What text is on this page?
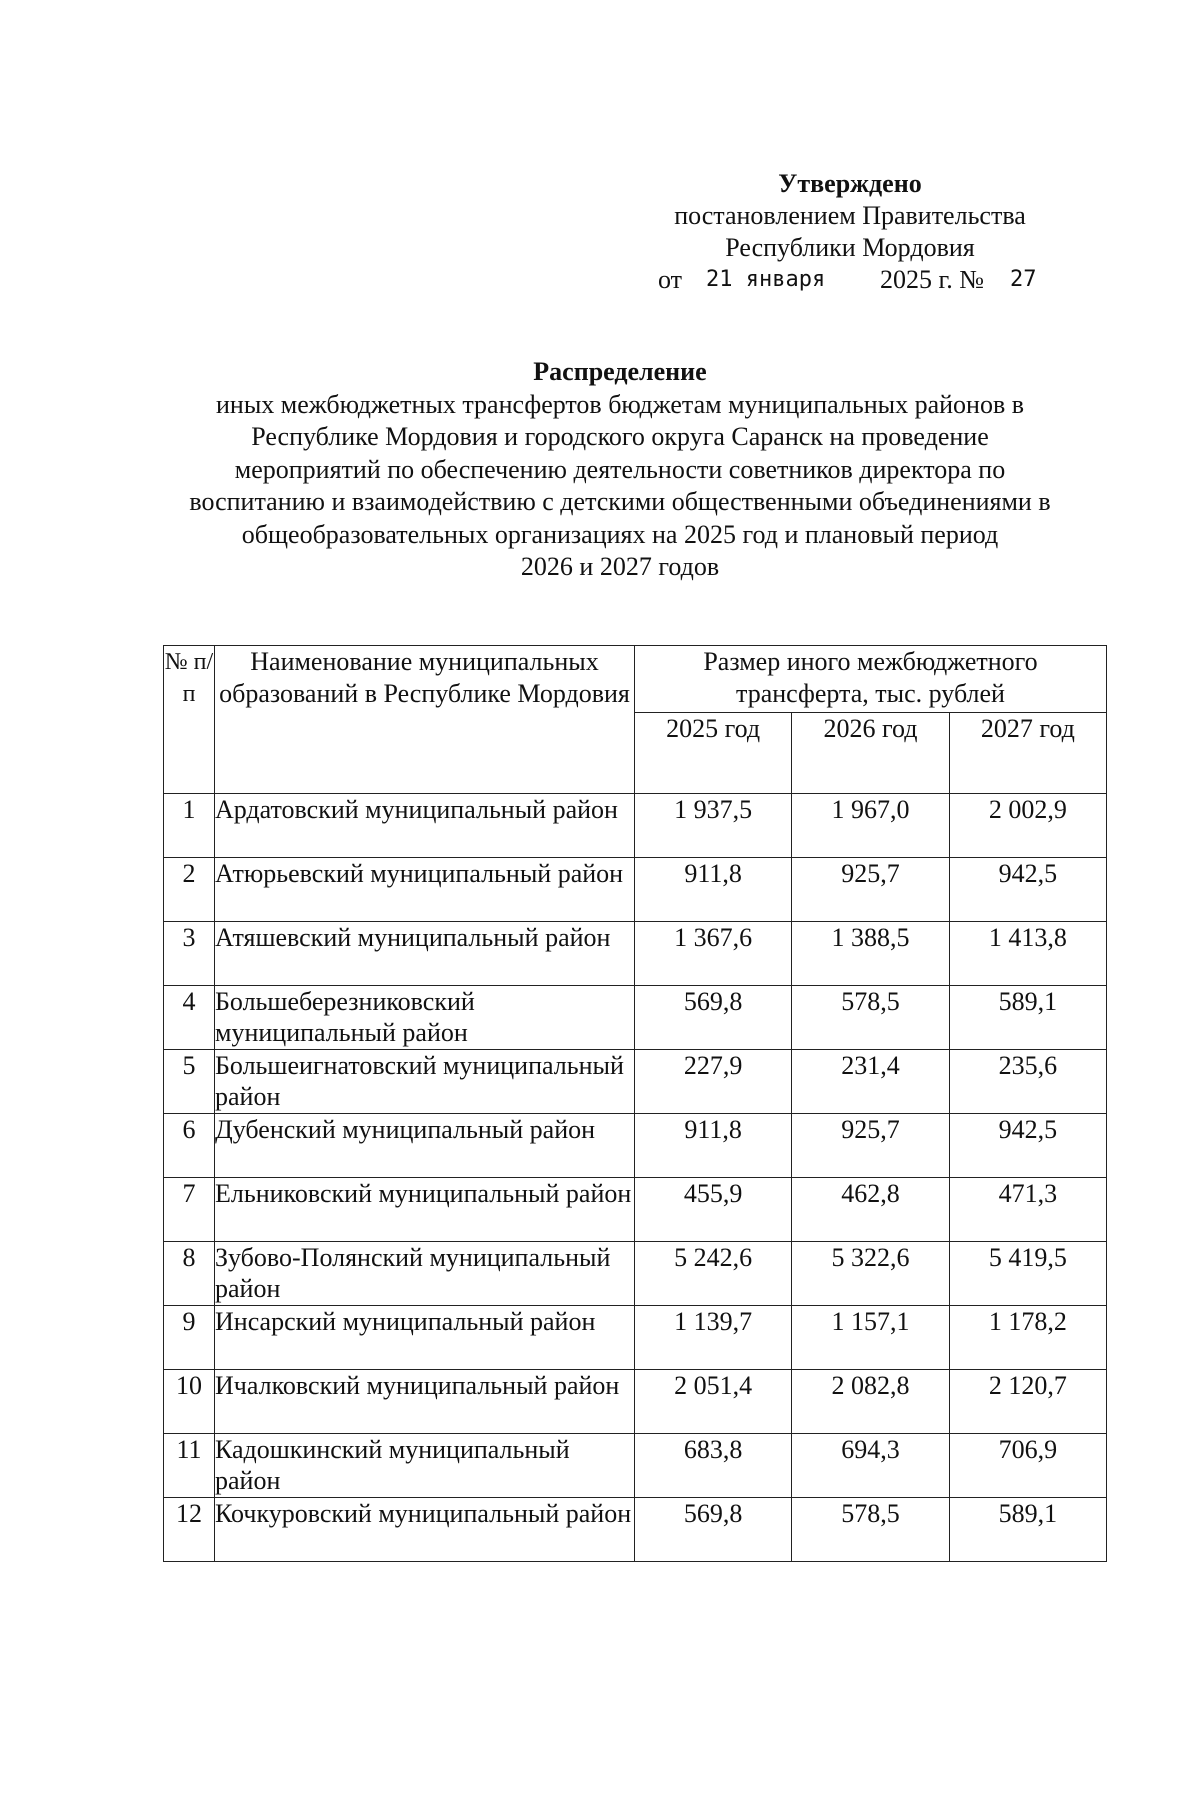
Утверждено
постановлением Правительства
Республики Мордовия
от 21 января 2025 г. № 27
Распределение
иных межбюджетных трансфертов бюджетам муниципальных районов в
Республике Мордовия и городского округа Саранск на проведение
мероприятий по обеспечению деятельности советников директора по
воспитанию и взаимодействию с детскими общественными объединениями в
общеобразовательных организациях на 2025 год и плановый период
2026 и 2027 годов
№ п/п	Наименование муниципальных образований в Республике Мордовия	Размер иного межбюджетного трансферта, тыс. рублей		
		2025 год	2026 год	2027 год
1	Ардатовский муниципальный район	1 937,5	1 967,0	2 002,9
2	Атюрьевский муниципальный район	911,8	925,7	942,5
3	Атяшевский муниципальный район	1 367,6	1 388,5	1 413,8
4	Большеберезниковский муниципальный район	569,8	578,5	589,1
5	Большеигнатовский муниципальный район	227,9	231,4	235,6
6	Дубенский муниципальный район	911,8	925,7	942,5
7	Ельниковский муниципальный район	455,9	462,8	471,3
8	Зубово-Полянский муниципальный район	5 242,6	5 322,6	5 419,5
9	Инсарский муниципальный район	1 139,7	1 157,1	1 178,2
10	Ичалковский муниципальный район	2 051,4	2 082,8	2 120,7
11	Кадошкинский муниципальный район	683,8	694,3	706,9
12	Кочкуровский муниципальный район	569,8	578,5	589,1
